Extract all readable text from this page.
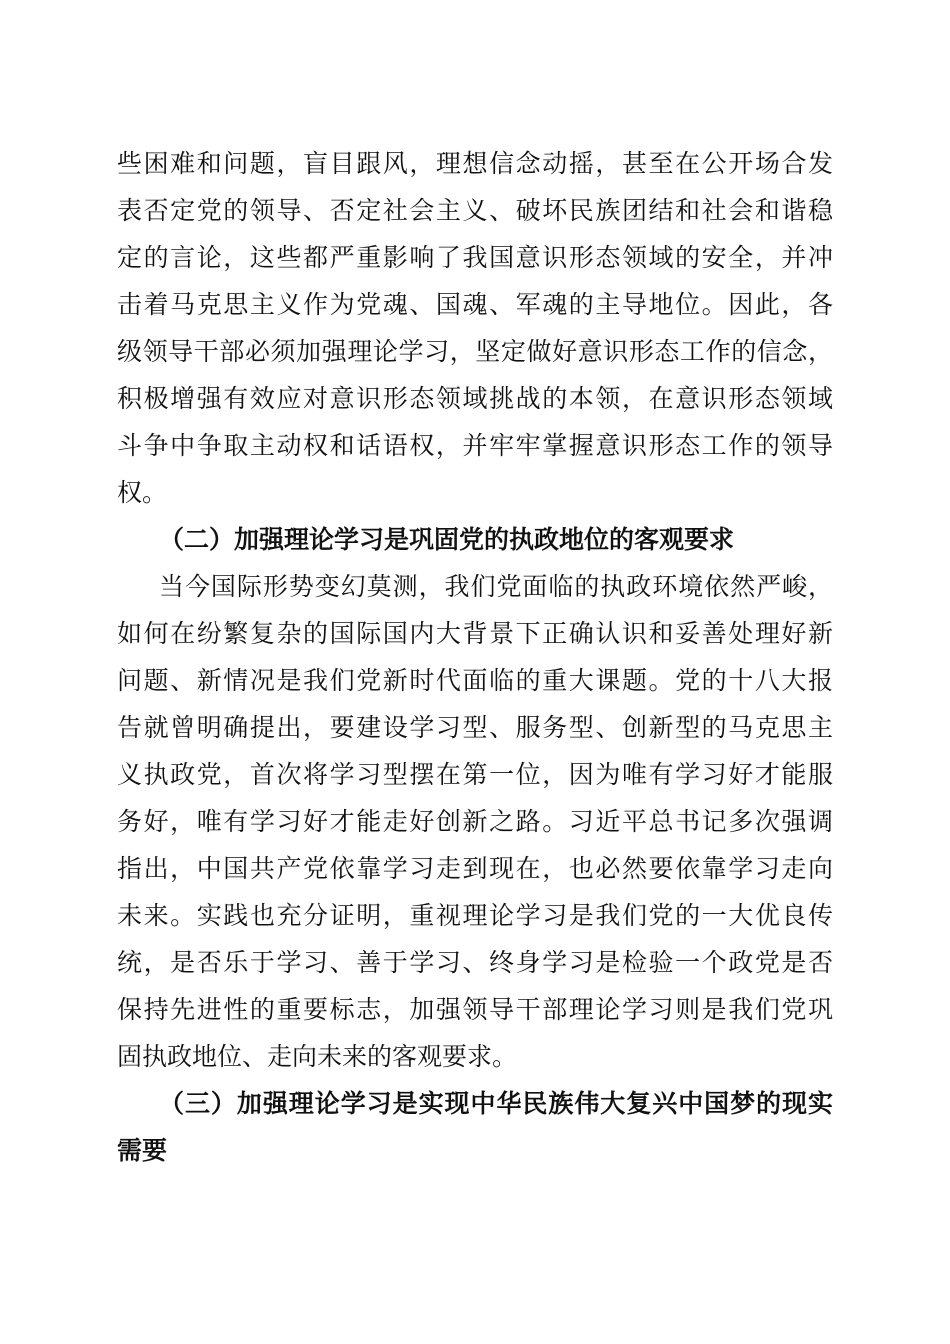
些困难和问题，盲目跟风，理想信念动摇，甚至在公开场合发
表否定党的领导、否定社会主义、破坏民族团结和社会和谐稳
定的言论，这些都严重影响了我国意识形态领域的安全，并冲
击着马克思主义作为党魂、国魂、军魂的主导地位。因此，各
级领导干部必须加强理论学习，坚定做好意识形态工作的信念，
积极增强有效应对意识形态领域挑战的本领，在意识形态领域
斗争中争取主动权和话语权，并牢牢掌握意识形态工作的领导
权。
（二）加强理论学习是巩固党的执政地位的客观要求
当今国际形势变幻莫测，我们党面临的执政环境依然严峻，
如何在纷繁复杂的国际国内大背景下正确认识和妥善处理好新
问题、新情况是我们党新时代面临的重大课题。党的十八大报
告就曾明确提出，要建设学习型、服务型、创新型的马克思主
义执政党，首次将学习型摆在第一位，因为唯有学习好才能服
务好，唯有学习好才能走好创新之路。习近平总书记多次强调
指出，中国共产党依靠学习走到现在，也必然要依靠学习走向
未来。实践也充分证明，重视理论学习是我们党的一大优良传
统，是否乐于学习、善于学习、终身学习是检验一个政党是否
保持先进性的重要标志，加强领导干部理论学习则是我们党巩
固执政地位、走向未来的客观要求。
（三）加强理论学习是实现中华民族伟大复兴中国梦的现实
需要
